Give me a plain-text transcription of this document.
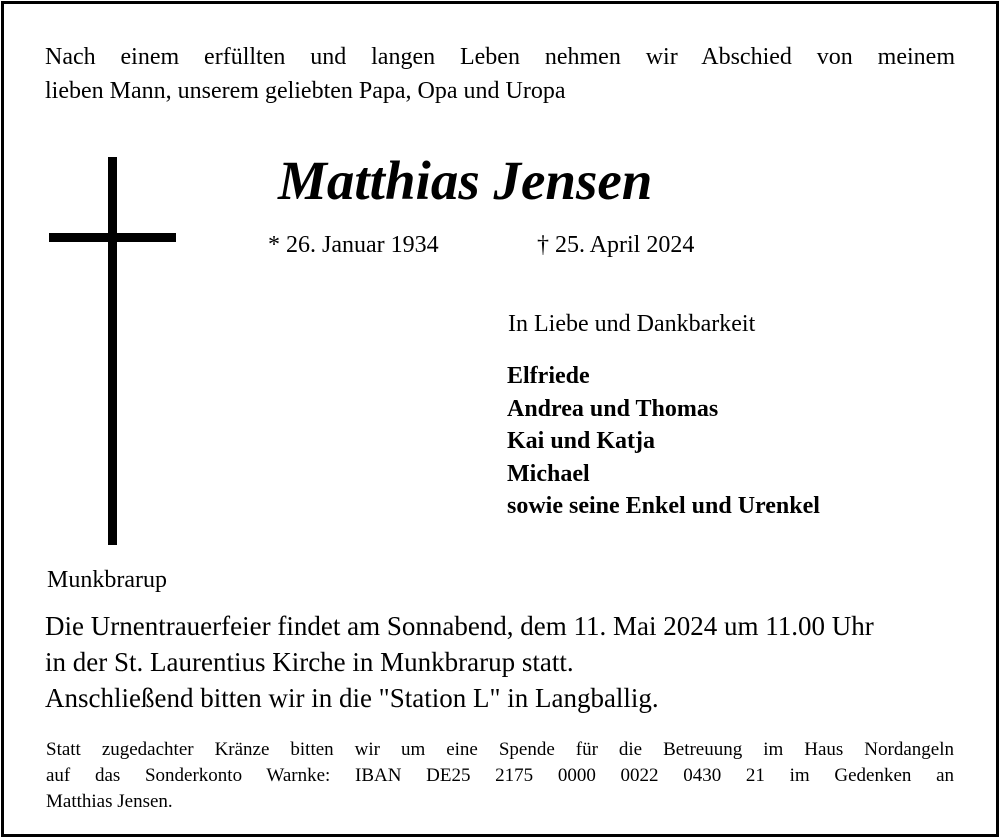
Nach einem erfüllten und langen Leben nehmen wir Abschied von meinem
lieben Mann, unserem geliebten Papa, Opa und Uropa

Matthias Jensen
* 26. Januar 1934	† 25. April 2024
In Liebe und Dankbarkeit
Elfriede
Andrea und Thomas
Kai und Katja
Michael
sowie seine Enkel und Urenkel
Munkbrarup

Die Urnentrauerfeier findet am Sonnabend, dem 11. Mai 2024 um 11.00 Uhr
in der St. Laurentius Kirche in Munkbrarup statt.
Anschließend bitten wir in die "Station L" in Langballig.

Statt zugedachter Kränze bitten wir um eine Spende für die Betreuung im Haus Nordangeln
auf das Sonderkonto Warnke: IBAN DE25 2175 0000 0022 0430 21 im Gedenken an
Matthias Jensen.
